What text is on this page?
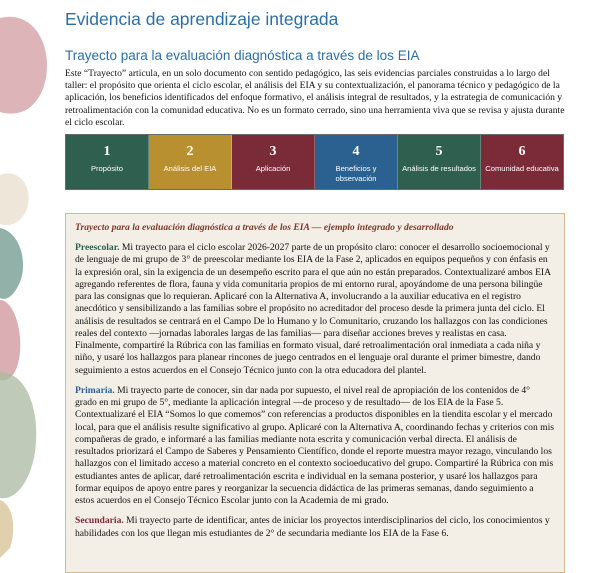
Evidencia de aprendizaje integrada
Trayecto para la evaluación diagnóstica a través de los EIA

Este “Trayecto” articula, en un solo documento con sentido pedagógico, las seis evidencias parciales construidas a lo largo del taller: el propósito que orienta el ciclo escolar, el análisis del EIA y su contextualización, el panorama técnico y pedagógico de la aplicación, los beneficios identificados del enfoque formativo, el análisis integral de resultados, y la estrategia de comunicación y retroalimentación con la comunidad educativa. No es un formato cerrado, sino una herramienta viva que se revisa y ajusta durante el ciclo escolar.

1
Propósito
2
Análisis del EIA
3
Aplicación
4
Beneficios y observación
5
Análisis de resultados
6
Comunidad educativa
Trayecto para la evaluación diagnóstica a través de los EIA — ejemplo integrado y desarrollado

Preescolar. Mi trayecto para el ciclo escolar 2026-2027 parte de un propósito claro: conocer el desarrollo socioemocional y de lenguaje de mi grupo de 3° de preescolar mediante los EIA de la Fase 2, aplicados en equipos pequeños y con énfasis en la expresión oral, sin la exigencia de un desempeño escrito para el que aún no están preparados. Contextualizaré ambos EIA agregando referentes de flora, fauna y vida comunitaria propios de mi entorno rural, apoyándome de una persona bilingüe para las consignas que lo requieran. Aplicaré con la Alternativa A, involucrando a la auxiliar educativa en el registro anecdótico y sensibilizando a las familias sobre el propósito no acreditador del proceso desde la primera junta del ciclo. El análisis de resultados se centrará en el Campo De lo Humano y lo Comunitario, cruzando los hallazgos con las condiciones reales del contexto —jornadas laborales largas de las familias— para diseñar acciones breves y realistas en casa. Finalmente, compartiré la Rúbrica con las familias en formato visual, daré retroalimentación oral inmediata a cada niña y niño, y usaré los hallazgos para planear rincones de juego centrados en el lenguaje oral durante el primer bimestre, dando seguimiento a estos acuerdos en el Consejo Técnico junto con la otra educadora del plantel.

Primaria. Mi trayecto parte de conocer, sin dar nada por supuesto, el nivel real de apropiación de los contenidos de 4° grado en mi grupo de 5°, mediante la aplicación integral —de proceso y de resultado— de los EIA de la Fase 5. Contextualizaré el EIA “Somos lo que comemos” con referencias a productos disponibles en la tiendita escolar y el mercado local, para que el análisis resulte significativo al grupo. Aplicaré con la Alternativa A, coordinando fechas y criterios con mis compañeras de grado, e informaré a las familias mediante nota escrita y comunicación verbal directa. El análisis de resultados priorizará el Campo de Saberes y Pensamiento Científico, donde el reporte muestra mayor rezago, vinculando los hallazgos con el limitado acceso a material concreto en el contexto socioeducativo del grupo. Compartiré la Rúbrica con mis estudiantes antes de aplicar, daré retroalimentación escrita e individual en la semana posterior, y usaré los hallazgos para formar equipos de apoyo entre pares y reorganizar la secuencia didáctica de las primeras semanas, dando seguimiento a estos acuerdos en el Consejo Técnico Escolar junto con la Academia de mi grado.

Secundaria. Mi trayecto parte de identificar, antes de iniciar los proyectos interdisciplinarios del ciclo, los conocimientos y habilidades con los que llegan mis estudiantes de 2° de secundaria mediante los EIA de la Fase 6.
